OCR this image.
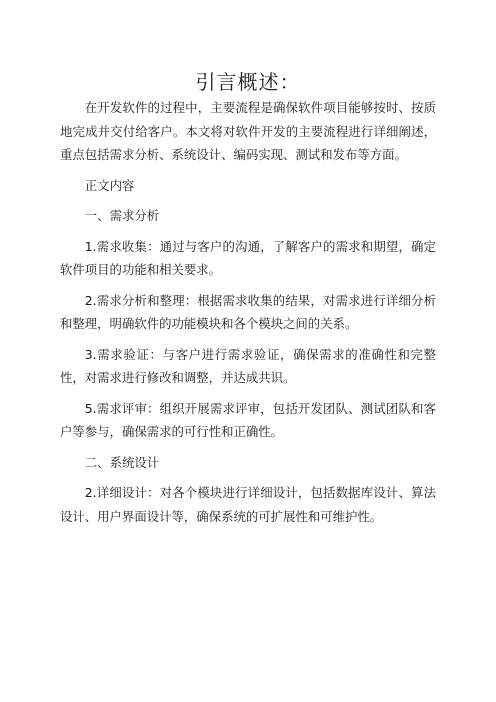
引言概述：

在开发软件的过程中，主要流程是确保软件项目能够按时、按质地完成并交付给客户。本文将对软件开发的主要流程进行详细阐述，重点包括需求分析、系统设计、编码实现、测试和发布等方面。

正文内容

一、需求分析

1.需求收集：通过与客户的沟通，了解客户的需求和期望，确定软件项目的功能和相关要求。

2.需求分析和整理：根据需求收集的结果，对需求进行详细分析和整理，明确软件的功能模块和各个模块之间的关系。

3.需求验证：与客户进行需求验证，确保需求的准确性和完整性，对需求进行修改和调整，并达成共识。

5.需求评审：组织开展需求评审，包括开发团队、测试团队和客户等参与，确保需求的可行性和正确性。

二、系统设计

2.详细设计：对各个模块进行详细设计，包括数据库设计、算法设计、用户界面设计等，确保系统的可扩展性和可维护性。
